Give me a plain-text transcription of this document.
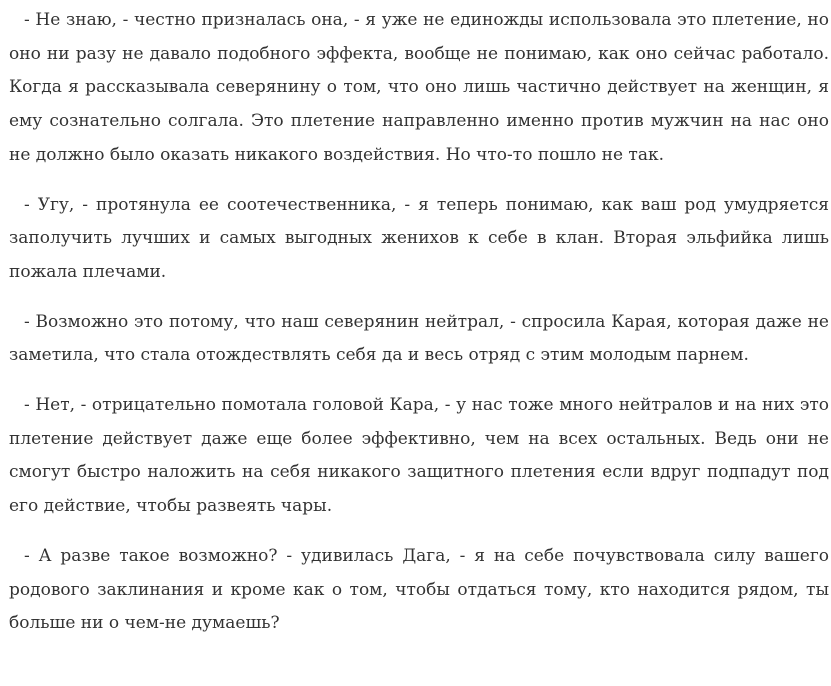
- Не знаю, - честно призналась она, - я уже не единожды использовала это плетение, но оно ни разу не давало подобного эффекта, вообще не понимаю, как оно сейчас работало. Когда я рассказывала северянину о том, что оно лишь частично действует на женщин, я ему сознательно солгала. Это плетение направленно именно против мужчин на нас оно не должно было оказать никакого воздействия. Но что-то пошло не так.

- Угу, - протянула ее соотечественника, - я теперь понимаю, как ваш род умудряется заполучить лучших и самых выгодных женихов к себе в клан. Вторая эльфийка лишь пожала плечами.

- Возможно это потому, что наш северянин нейтрал, - спросила Карая, которая даже не заметила, что стала отождествлять себя да и весь отряд с этим молодым парнем.

- Нет, - отрицательно помотала головой Кара, - у нас тоже много нейтралов и на них это плетение действует даже еще более эффективно, чем на всех остальных. Ведь они не смогут быстро наложить на себя никакого защитного плетения если вдруг подпадут под его действие, чтобы развеять чары.

- А разве такое возможно? - удивилась Дага, - я на себе почувствовала силу вашего родового заклинания и кроме как о том, чтобы отдаться тому, кто находится рядом, ты больше ни о чем-не думаешь?
